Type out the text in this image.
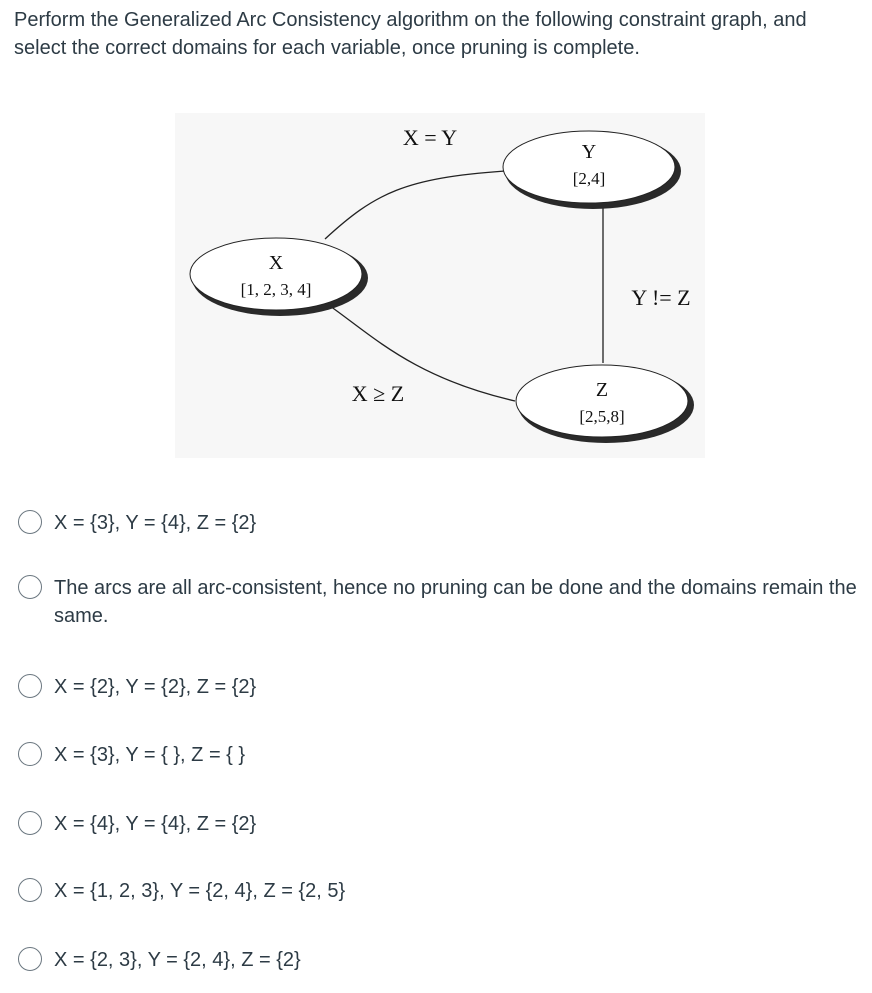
Perform the Generalized Arc Consistency algorithm on the following constraint graph, and select the correct domains for each variable, once pruning is complete.

X
[1, 2, 3, 4]
Y
[2,4]
Z
[2,5,8]
X = Y
Y != Z
X ≥ Z
X = {3}, Y = {4}, Z = {2}
The arcs are all arc-consistent, hence no pruning can be done and the domains remain the same.
X = {2}, Y = {2}, Z = {2}
X = {3}, Y = { }, Z = { }
X = {4}, Y = {4}, Z = {2}
X = {1, 2, 3}, Y = {2, 4}, Z = {2, 5}
X = {2, 3}, Y = {2, 4}, Z = {2}
